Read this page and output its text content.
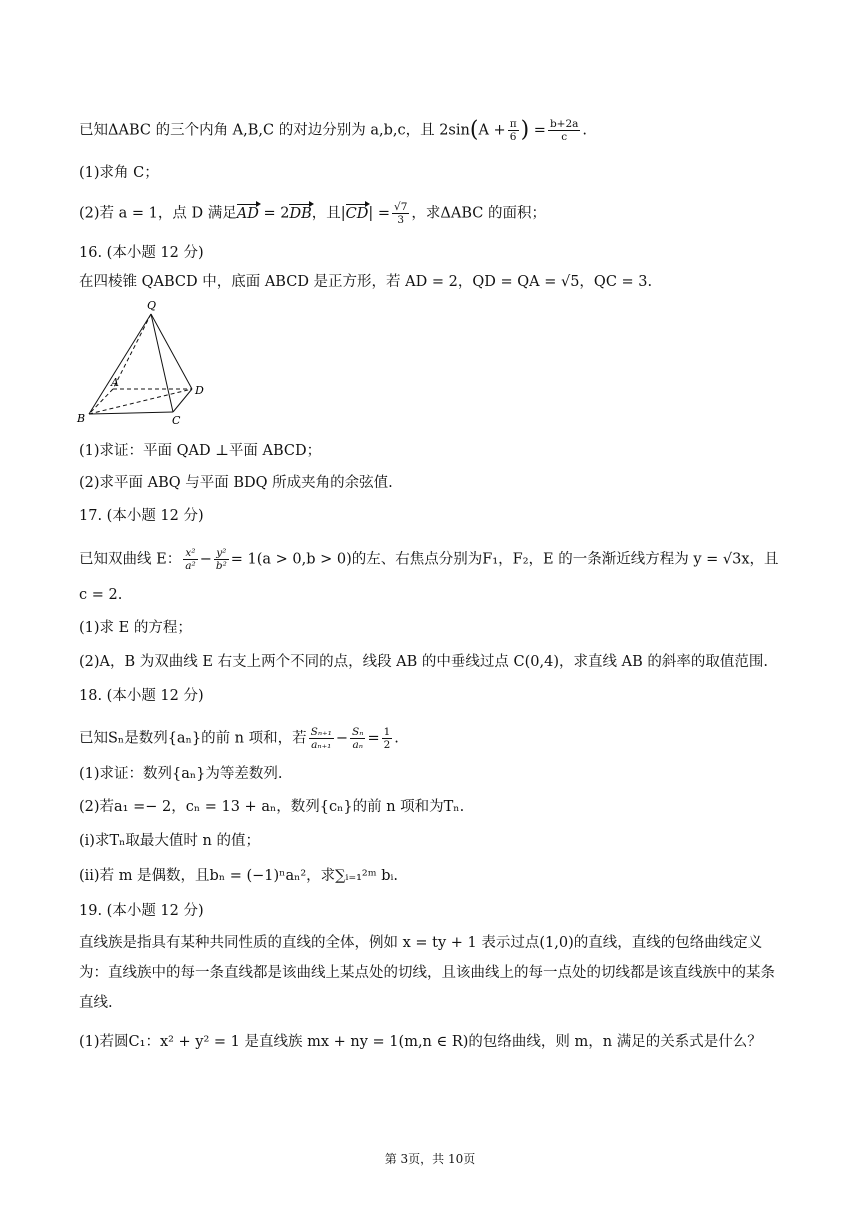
已知ΔABC 的三个内角 A,B,C 的对边分别为 a,b,c，且 $2\sin(A + \frac{\pi}{6}$ ) = $\frac{b+2a}{c}$ .
(1)求角 C；
(2)若 a = 1，点 D 满足AD = 2DB，且$|CD| = \frac{√7}{3}$ ，求ΔABC 的面积；
16. (本小题 12 分)
在四棱锥 QABCD 中，底面 ABCD 是正方形，若 AD = 2，QD = QA = √5，QC = 3.
Q
A
B	C
D
(1)求证：平面 QAD ⊥平面 ABCD；
(2)求平面 ABQ 与平面 BDQ 所成夹角的余弦值.
17. (本小题 12 分)
已知双曲线 E： $\frac{\text{x²}}{\text{a²}} - \frac{\text{y²}}{\text{b²}} = 1(a > 0,b > 0)$的左、右焦点分别为F₁，F₂，E 的一条渐近线方程为 y = √3x，且
c = 2.
(1)求 E 的方程；
(2)A，B 为双曲线 E 右支上两个不同的点，线段 AB 的中垂线过点 C(0,4)，求直线 AB 的斜率的取值范围.
18. (本小题 12 分)
已知Sₙ是数列{aₙ}的前 n 项和，若 $\frac{\text{Sₙ₊₁}}{\text{aₙ₊₁}} - \frac{\text{Sₙ}}{\text{aₙ}} = \frac{1}{2}$ .
(1)求证：数列{aₙ}为等差数列.
(2)若a₁ =− 2，cₙ = 13 + aₙ，数列{cₙ}的前 n 项和为Tₙ.
(ⅰ)求Tₙ取最大值时 n 的值；
(ⅱ)若 m 是偶数，且bₙ = (−1)ⁿaₙ²，求∑ᵢ₌₁²ᵐ bᵢ.
19. (本小题 12 分)
直线族是指具有某种共同性质的直线的全体，例如 x = ty + 1 表示过点(1,0)的直线，直线的包络曲线定义为：直线族中的每一条直线都是该曲线上某点处的切线，且该曲线上的每一点处的切线都是该直线族中的某条直线.
(1)若圆C₁：x² + y² = 1 是直线族 mx + ny = 1(m,n ∈ R)的包络曲线，则 m，n 满足的关系式是什么？
第 3页，共 10页
